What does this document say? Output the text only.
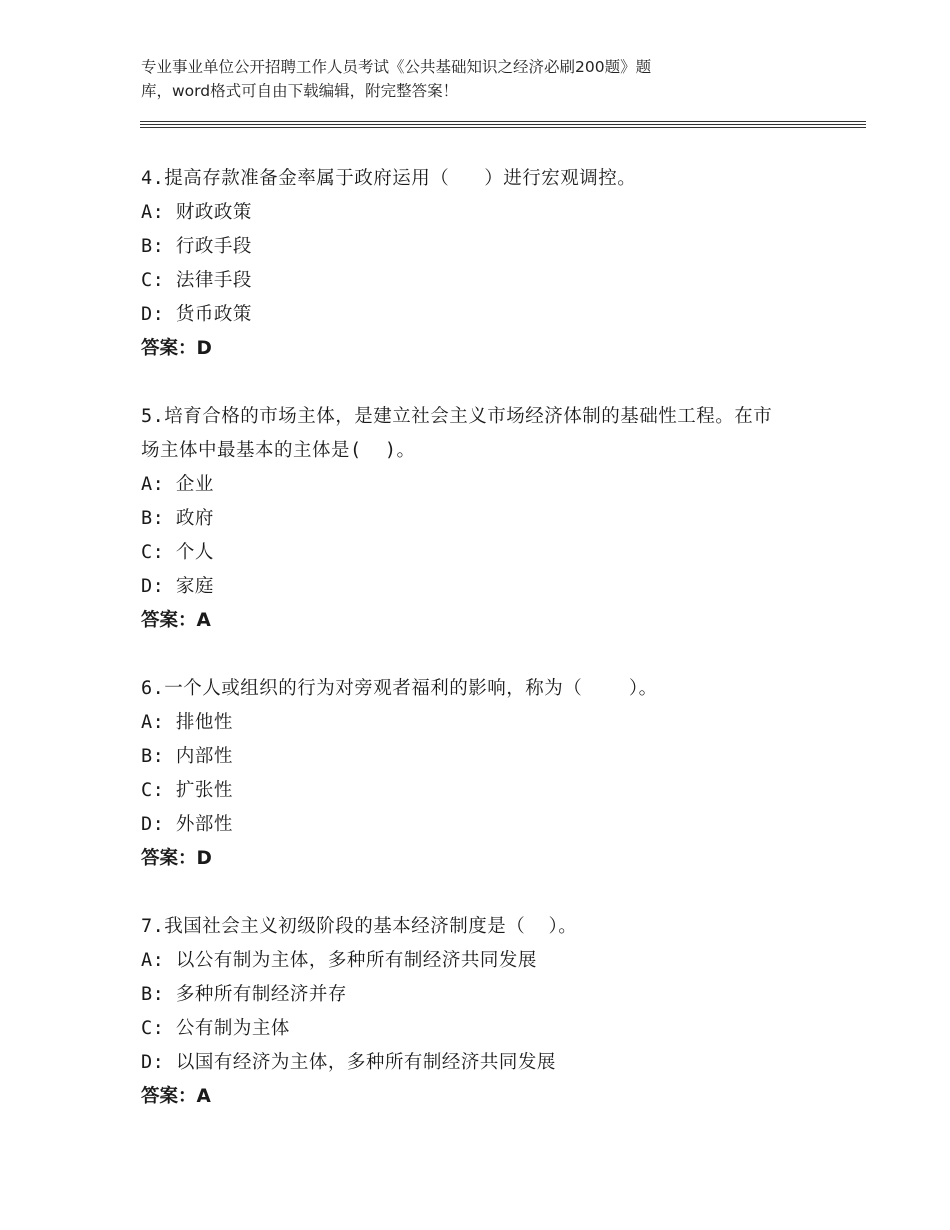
专业事业单位公开招聘工作人员考试《公共基础知识之经济必刷200题》题
库，word格式可自由下载编辑，附完整答案！
4.提高存款准备金率属于政府运用（   ）进行宏观调控。
A: 财政政策
B: 行政手段
C: 法律手段
D: 货币政策
答案：D
5.培育合格的市场主体，是建立社会主义市场经济体制的基础性工程。在市场主体中最基本的主体是(  )。
A: 企业
B: 政府
C: 个人
D: 家庭
答案：A
6.一个人或组织的行为对旁观者福利的影响，称为（    ）。
A: 排他性
B: 内部性
C: 扩张性
D: 外部性
答案：D
7.我国社会主义初级阶段的基本经济制度是（  ）。
A: 以公有制为主体，多种所有制经济共同发展
B: 多种所有制经济并存
C: 公有制为主体
D: 以国有经济为主体，多种所有制经济共同发展
答案：A
